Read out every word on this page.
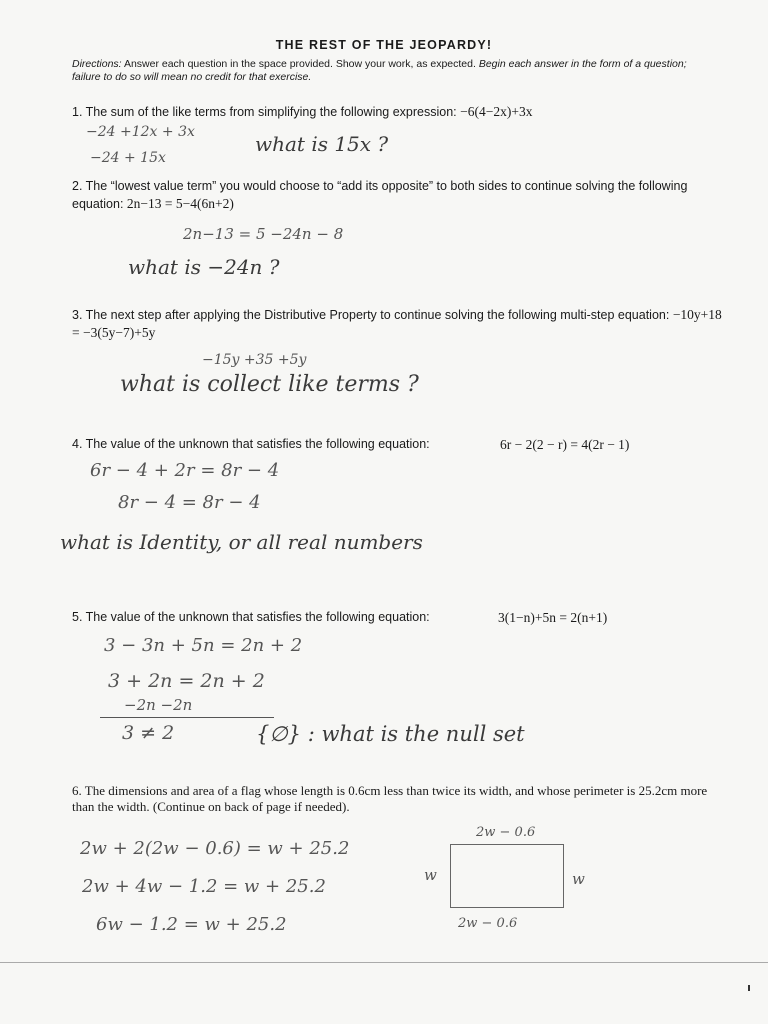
THE REST OF THE JEOPARDY!
Directions: Answer each question in the space provided. Show your work, as expected. Begin each answer in the form of a question; failure to do so will mean no credit for that exercise.
1. The sum of the like terms from simplifying the following expression: −6(4−2x)+3x
−24 +12x + 3x
−24 + 15x
what is 15x ?
2. The “lowest value term” you would choose to “add its opposite” to both sides to continue solving the following equation: 2n−13 = 5−4(6n+2)
2n−13 = 5 −24n − 8
what is −24n ?
3. The next step after applying the Distributive Property to continue solving the following multi-step equation: −10y+18 = −3(5y−7)+5y
−15y +35 +5y
what is collect like terms ?
4. The value of the unknown that satisfies the following equation:	6r − 2(2 − r) = 4(2r − 1)
6r − 4 + 2r = 8r − 4
8r − 4 = 8r − 4
what is Identity, or all real numbers
5. The value of the unknown that satisfies the following equation:	3(1−n)+5n = 2(n+1)
3 − 3n + 5n = 2n + 2
3 + 2n = 2n + 2
−2n −2n
3 ≠ 2	{∅} : what is the null set
6. The dimensions and area of a flag whose length is 0.6cm less than twice its width, and whose perimeter is 25.2cm more than the width. (Continue on back of page if needed).
2w + 2(2w − 0.6) = w + 25.2
2w + 4w − 1.2 = w + 25.2
6w − 1.2 = w + 25.2
2w − 0.6
2w − 0.6
w	w
